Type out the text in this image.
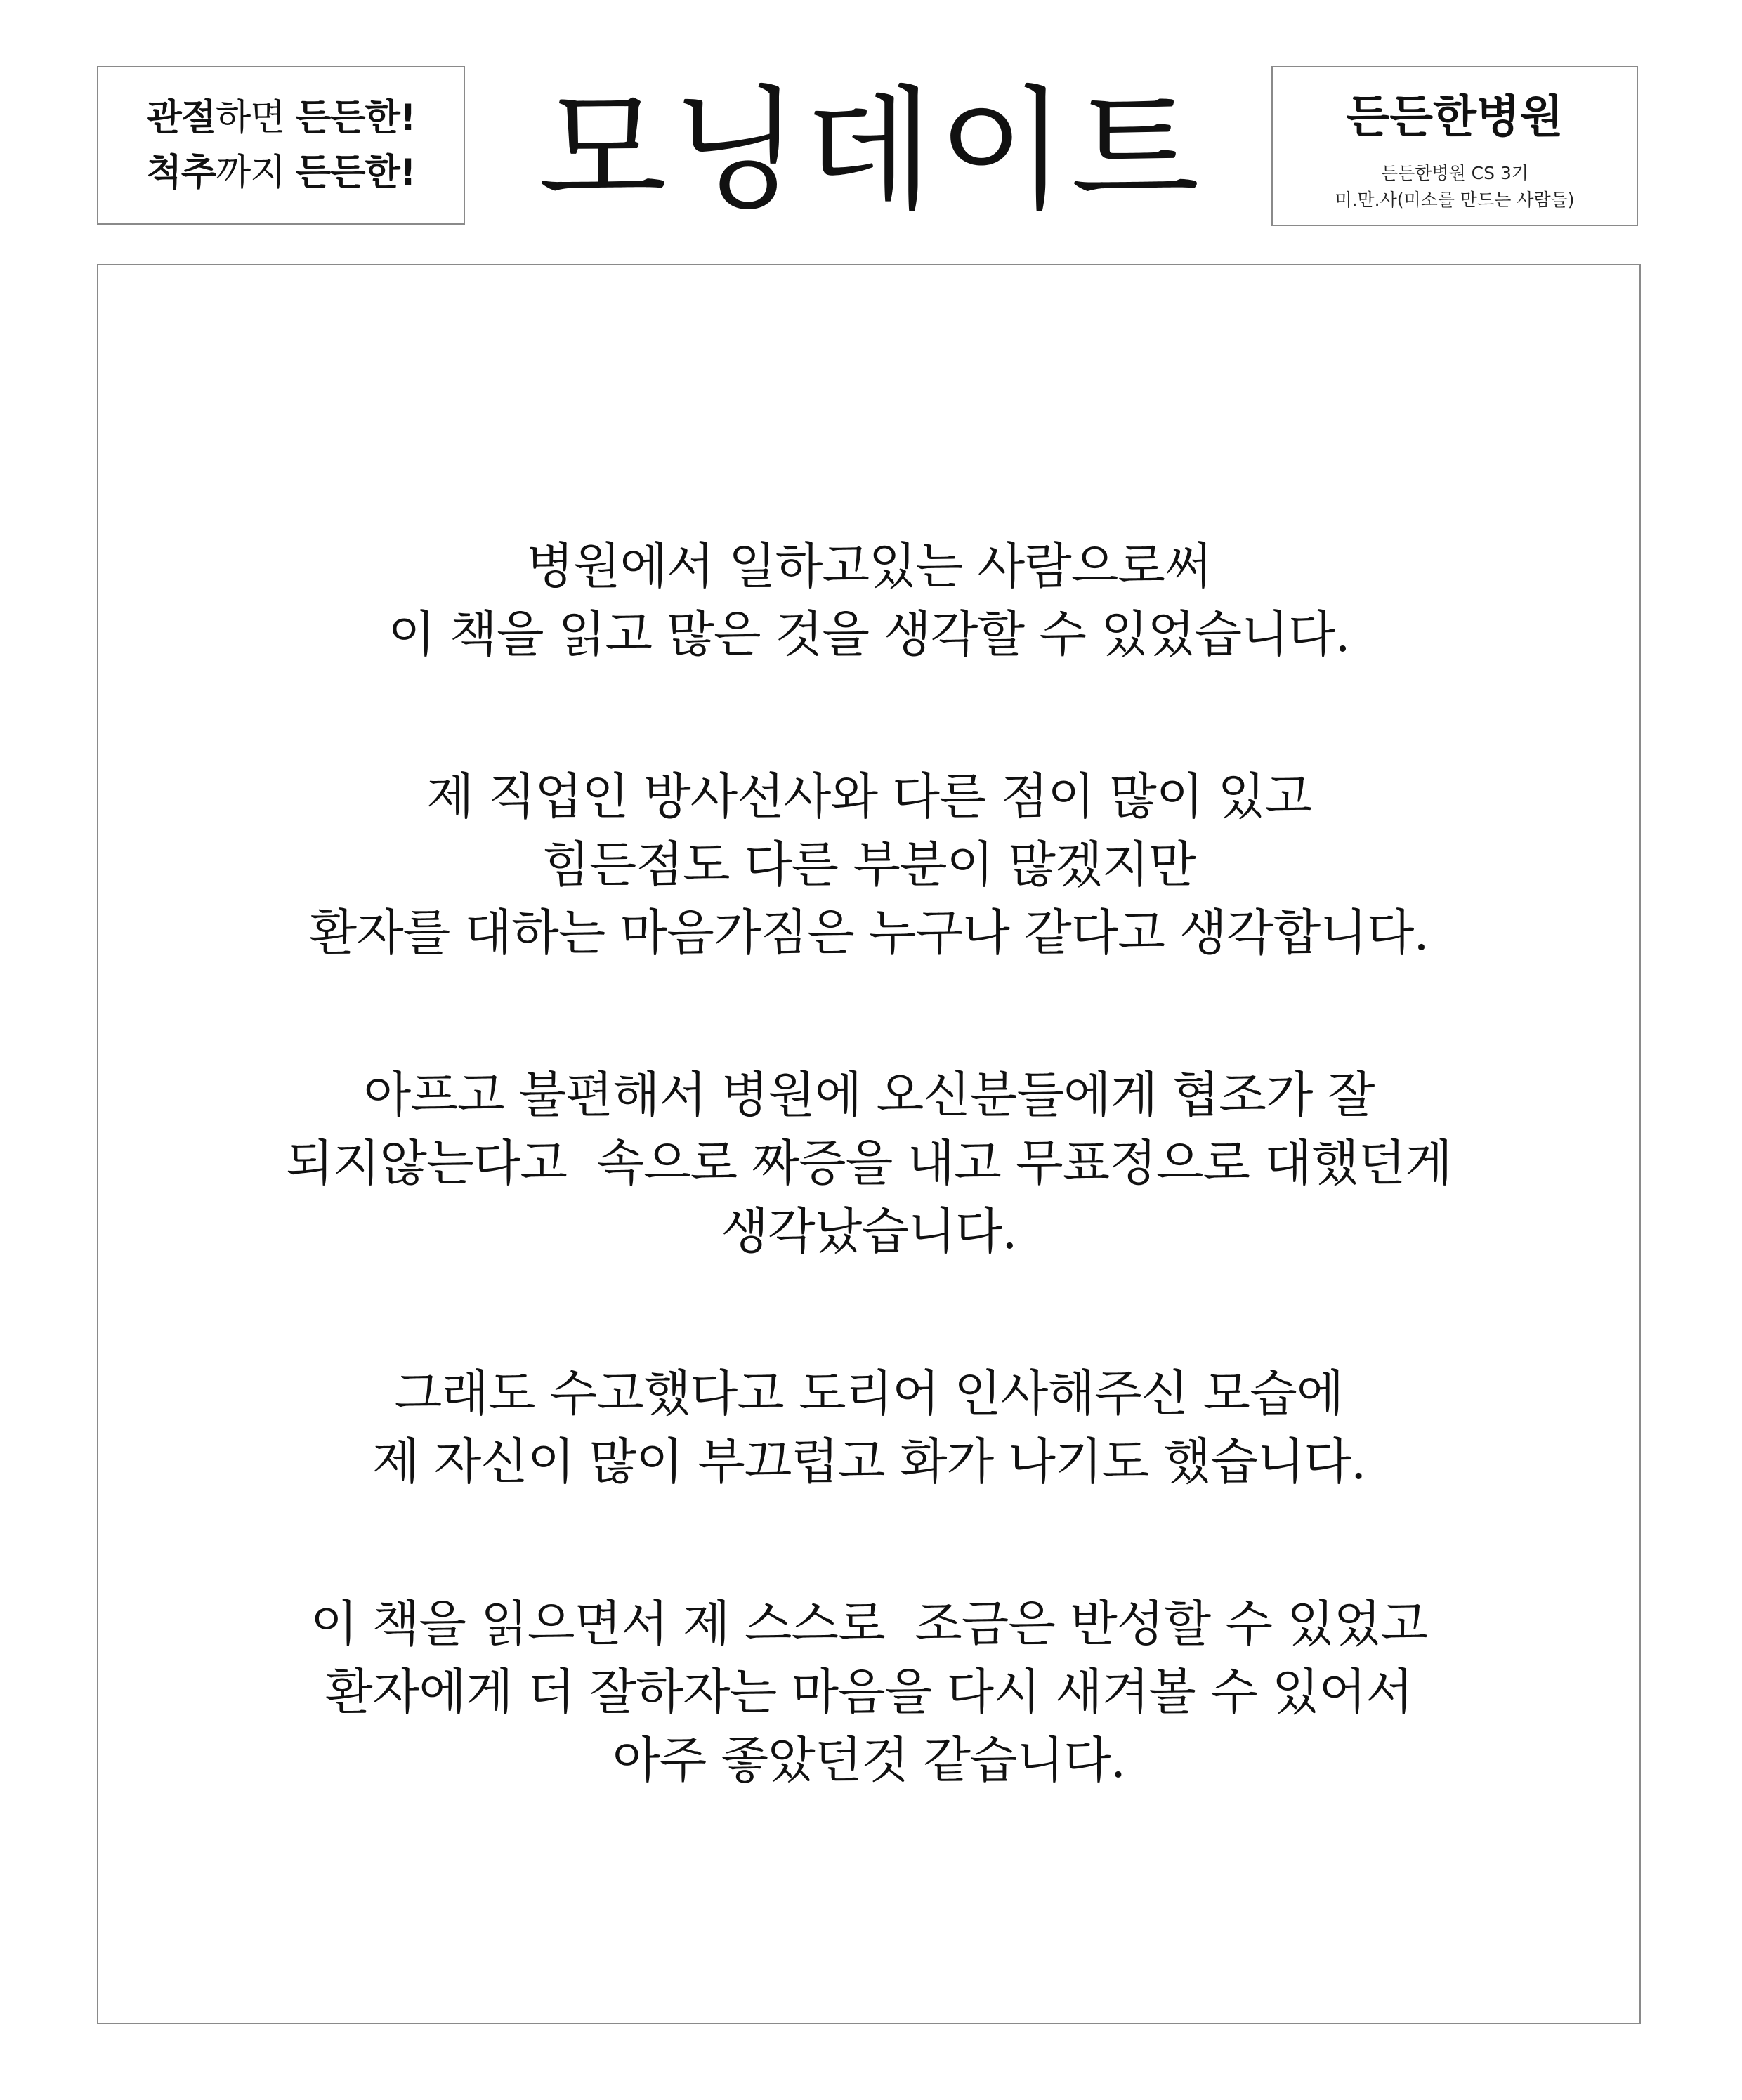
관절하면 든든한!
척추까지 든든한! 모닝데이트	든든한병원
든든한병원 CS 3기
미.만.사(미소를 만드는 사람들)
병원에서 일하고있는 사람으로써
이 책을 읽고 많은 것을 생각할 수 있었습니다.
제 직업인 방사선사와 다른 점이 많이 있고
힘든점도 다른 부분이 많겠지만
환자를 대하는 마음가짐은 누구나 같다고 생각합니다.
아프고 불편해서 병원에 오신분들에게 협조가 잘
되지않는다고  속으로 짜증을 내고 무표정으로 대했던게
생각났습니다.
그래도 수고했다고 도리어 인사해주신 모습에
제 자신이 많이 부끄럽고 화가 나기도 했습니다.
이 책을 읽으면서 제 스스로  조금은 반성할 수 있었고
환자에게 더 잘하자는 마음을 다시 새겨볼 수 있어서
아주 좋았던것 같습니다.
